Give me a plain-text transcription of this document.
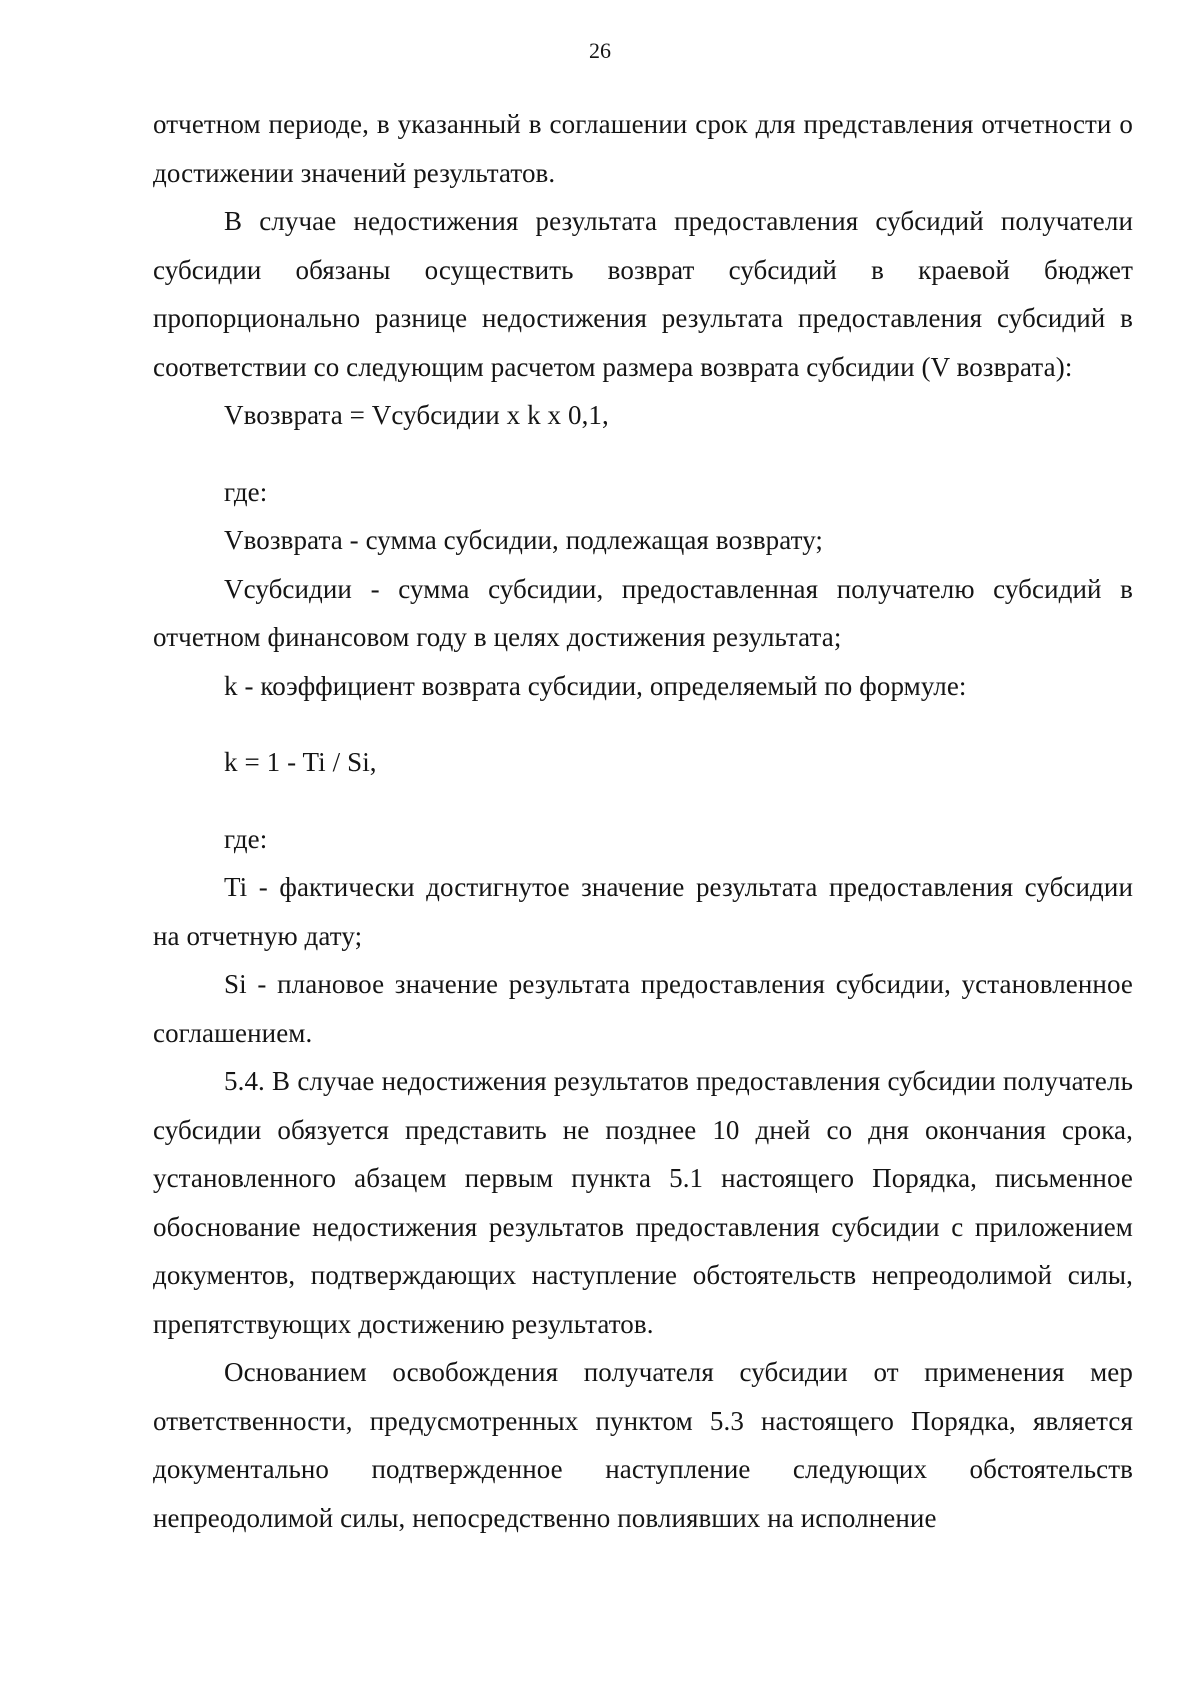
26

отчетном периоде, в указанный в соглашении срок для представления отчетности о достижении значений результатов.

В случае недостижения результата предоставления субсидий получатели субсидии обязаны осуществить возврат субсидий в краевой бюджет пропорционально разнице недостижения результата предоставления субсидий в соответствии со следующим расчетом размера возврата субсидии (V возврата):

Vвозврата = Vсубсидии х k х 0,1,

где:

Vвозврата - сумма субсидии, подлежащая возврату;

Vсубсидии - сумма субсидии, предоставленная получателю субсидий в отчетном финансовом году в целях достижения результата;

k - коэффициент возврата субсидии, определяемый по формуле:

k = 1 - Ti / Si,

где:

Ti - фактически достигнутое значение результата предоставления субсидии на отчетную дату;

Si - плановое значение результата предоставления субсидии, установленное соглашением.

5.4. В случае недостижения результатов предоставления субсидии получатель субсидии обязуется представить не позднее 10 дней со дня окончания срока, установленного абзацем первым пункта 5.1 настоящего Порядка, письменное обоснование недостижения результатов предоставления субсидии с приложением документов, подтверждающих наступление обстоятельств непреодолимой силы, препятствующих достижению результатов.

Основанием освобождения получателя субсидии от применения мер ответственности, предусмотренных пунктом 5.3 настоящего Порядка, является документально подтвержденное наступление следующих обстоятельств непреодолимой силы, непосредственно повлиявших на исполнение
